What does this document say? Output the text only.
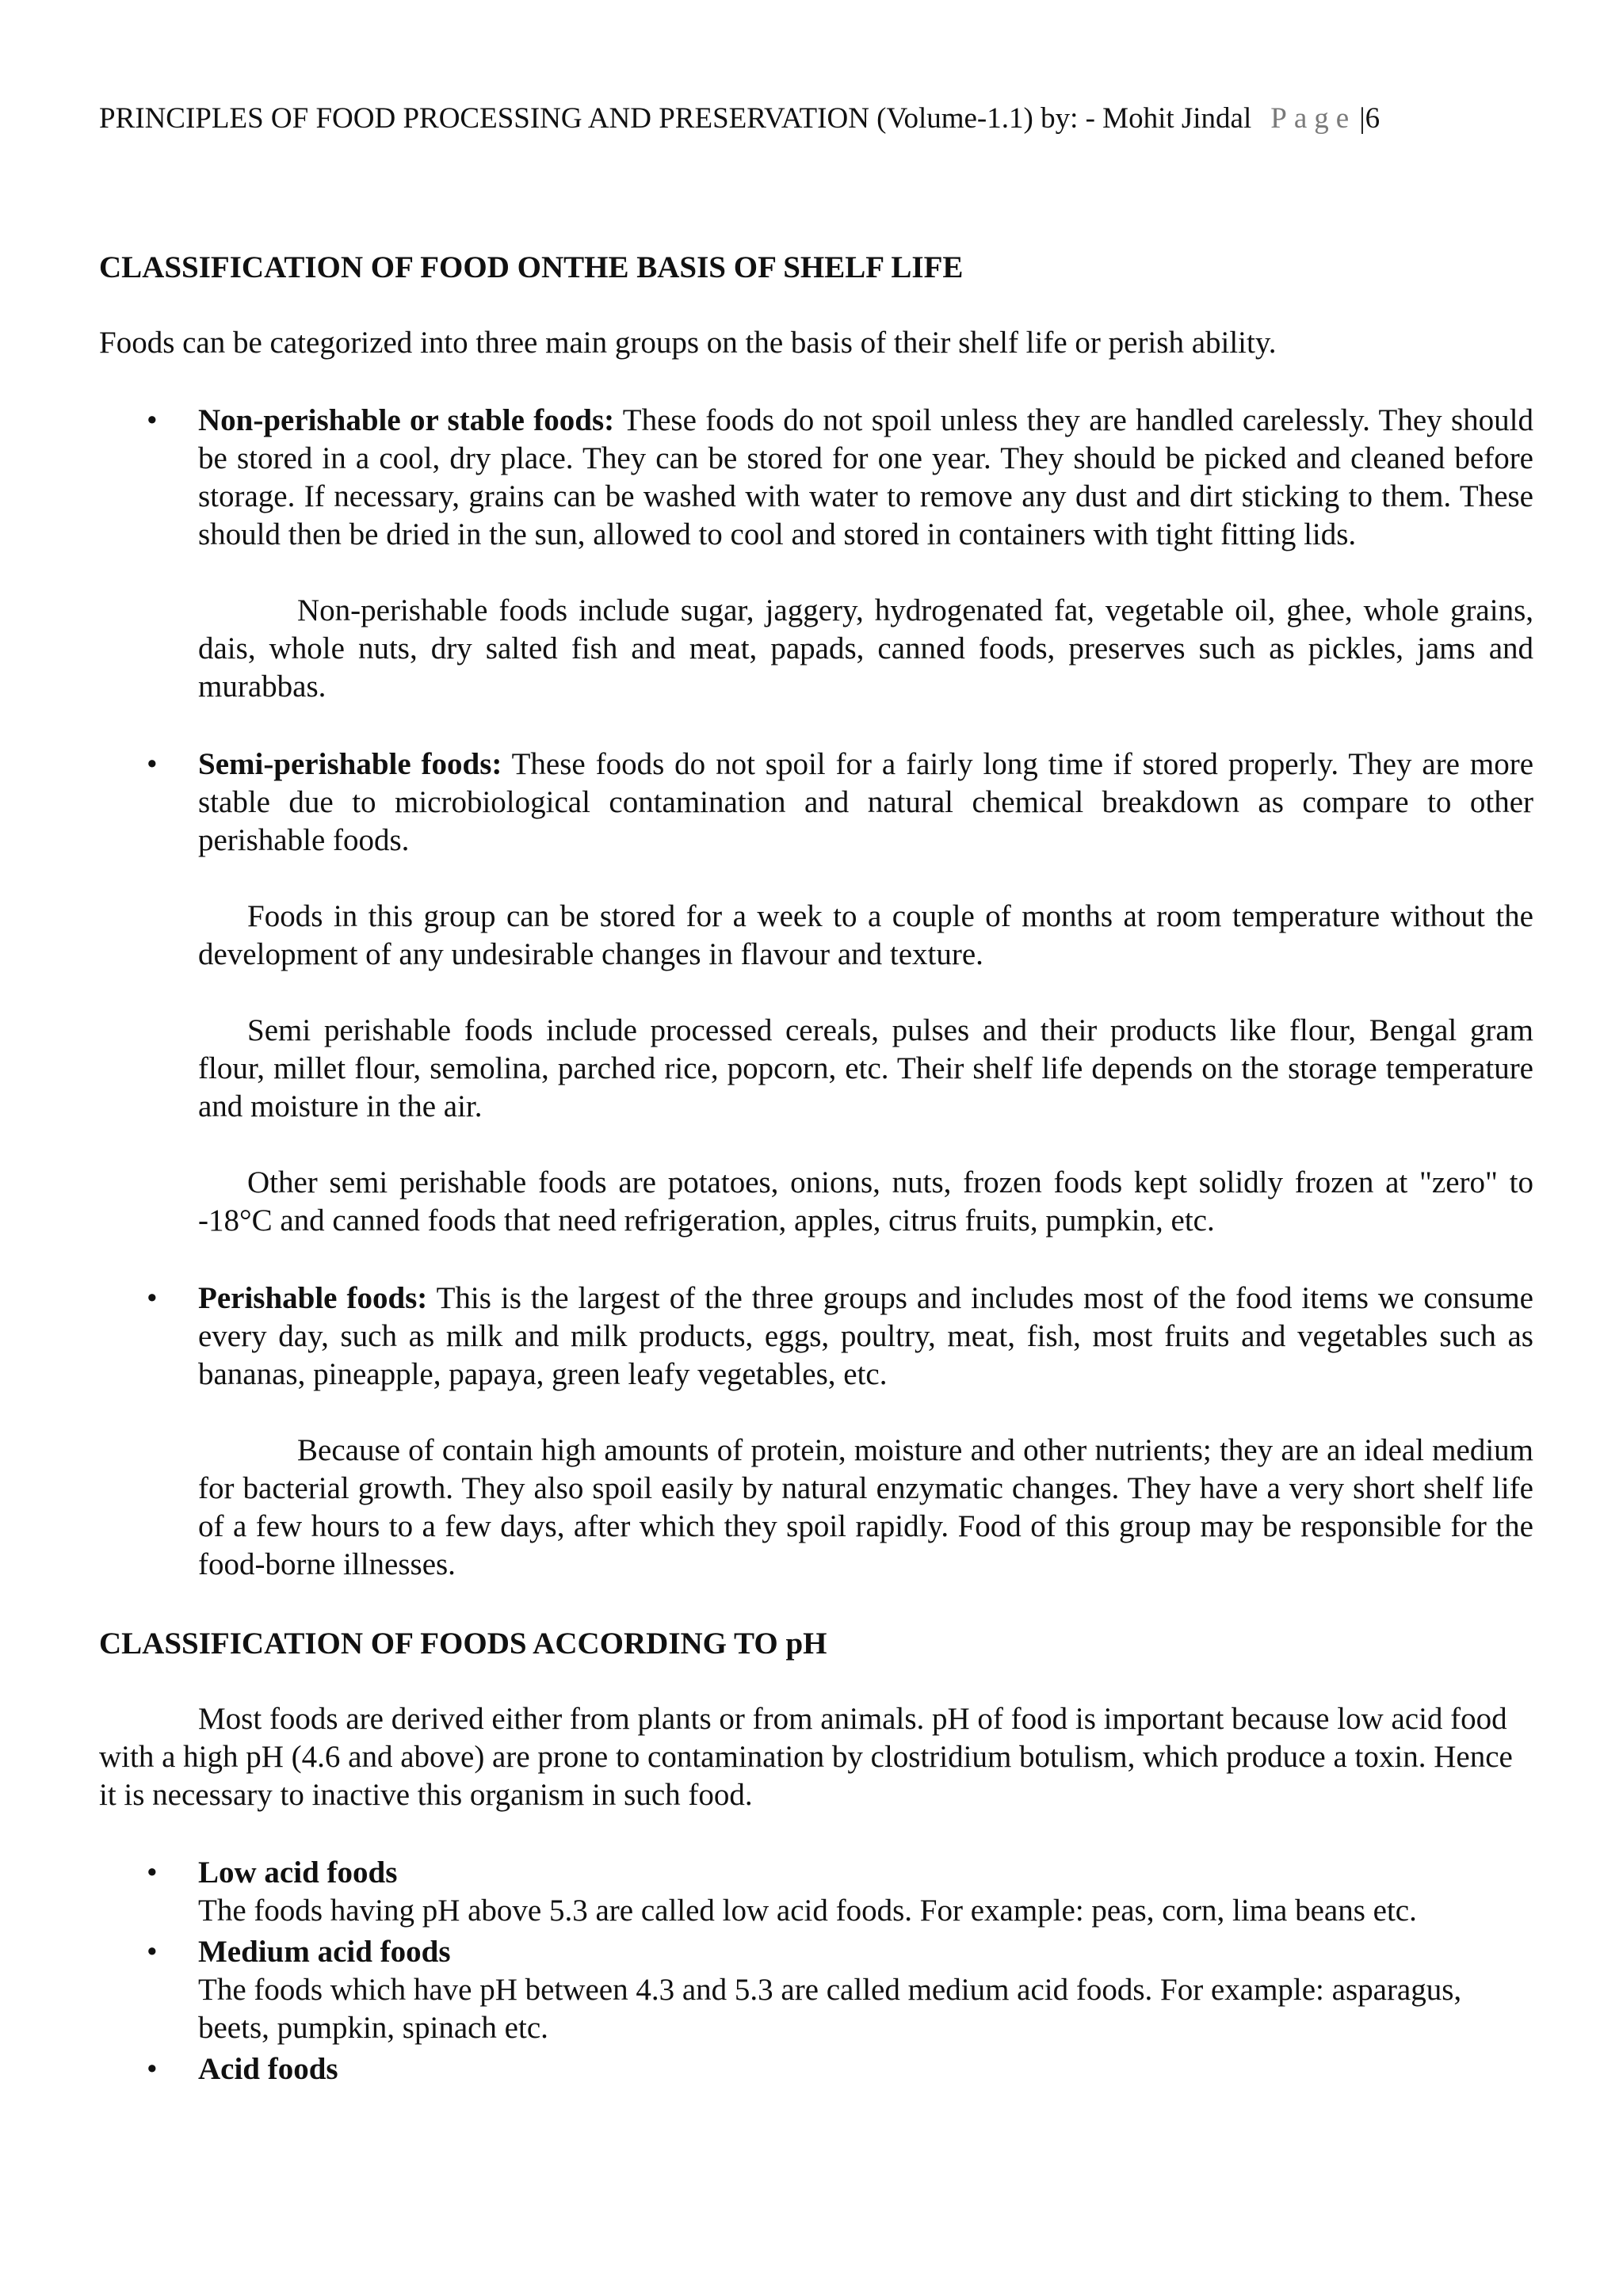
PRINCIPLES OF FOOD PROCESSING AND PRESERVATION (Volume-1.1) by: - Mohit Jindal Page |6
CLASSIFICATION OF FOOD ONTHE BASIS OF SHELF LIFE

Foods can be categorized into three main groups on the basis of their shelf life or perish ability.

• Non-perishable or stable foods: These foods do not spoil unless they are handled carelessly. They should be stored in a cool, dry place. They can be stored for one year. They should be picked and cleaned before storage. If necessary, grains can be washed with water to remove any dust and dirt sticking to them. These should then be dried in the sun, allowed to cool and stored in containers with tight fitting lids.

Non-perishable foods include sugar, jaggery, hydrogenated fat, vegetable oil, ghee, whole grains, dais, whole nuts, dry salted fish and meat, papads, canned foods, preserves such as pickles, jams and murabbas.

• Semi-perishable foods: These foods do not spoil for a fairly long time if stored properly. They are more stable due to microbiological contamination and natural chemical breakdown as compare to other perishable foods.

Foods in this group can be stored for a week to a couple of months at room temperature without the development of any undesirable changes in flavour and texture.

Semi perishable foods include processed cereals, pulses and their products like flour, Bengal gram flour, millet flour, semolina, parched rice, popcorn, etc. Their shelf life depends on the storage temperature and moisture in the air.

Other semi perishable foods are potatoes, onions, nuts, frozen foods kept solidly frozen at "zero" to -18°C and canned foods that need refrigeration, apples, citrus fruits, pumpkin, etc.

• Perishable foods: This is the largest of the three groups and includes most of the food items we consume every day, such as milk and milk products, eggs, poultry, meat, fish, most fruits and vegetables such as bananas, pineapple, papaya, green leafy vegetables, etc.

Because of contain high amounts of protein, moisture and other nutrients; they are an ideal medium for bacterial growth. They also spoil easily by natural enzymatic changes. They have a very short shelf life of a few hours to a few days, after which they spoil rapidly. Food of this group may be responsible for the food-borne illnesses.

CLASSIFICATION OF FOODS ACCORDING TO pH

Most foods are derived either from plants or from animals. pH of food is important because low acid food with a high pH (4.6 and above) are prone to contamination by clostridium botulism, which produce a toxin. Hence it is necessary to inactive this organism in such food.

• Low acid foods

The foods having pH above 5.3 are called low acid foods. For example: peas, corn, lima beans etc.

• Medium acid foods

The foods which have pH between 4.3 and 5.3 are called medium acid foods. For example: asparagus, beets, pumpkin, spinach etc.

• Acid foods
